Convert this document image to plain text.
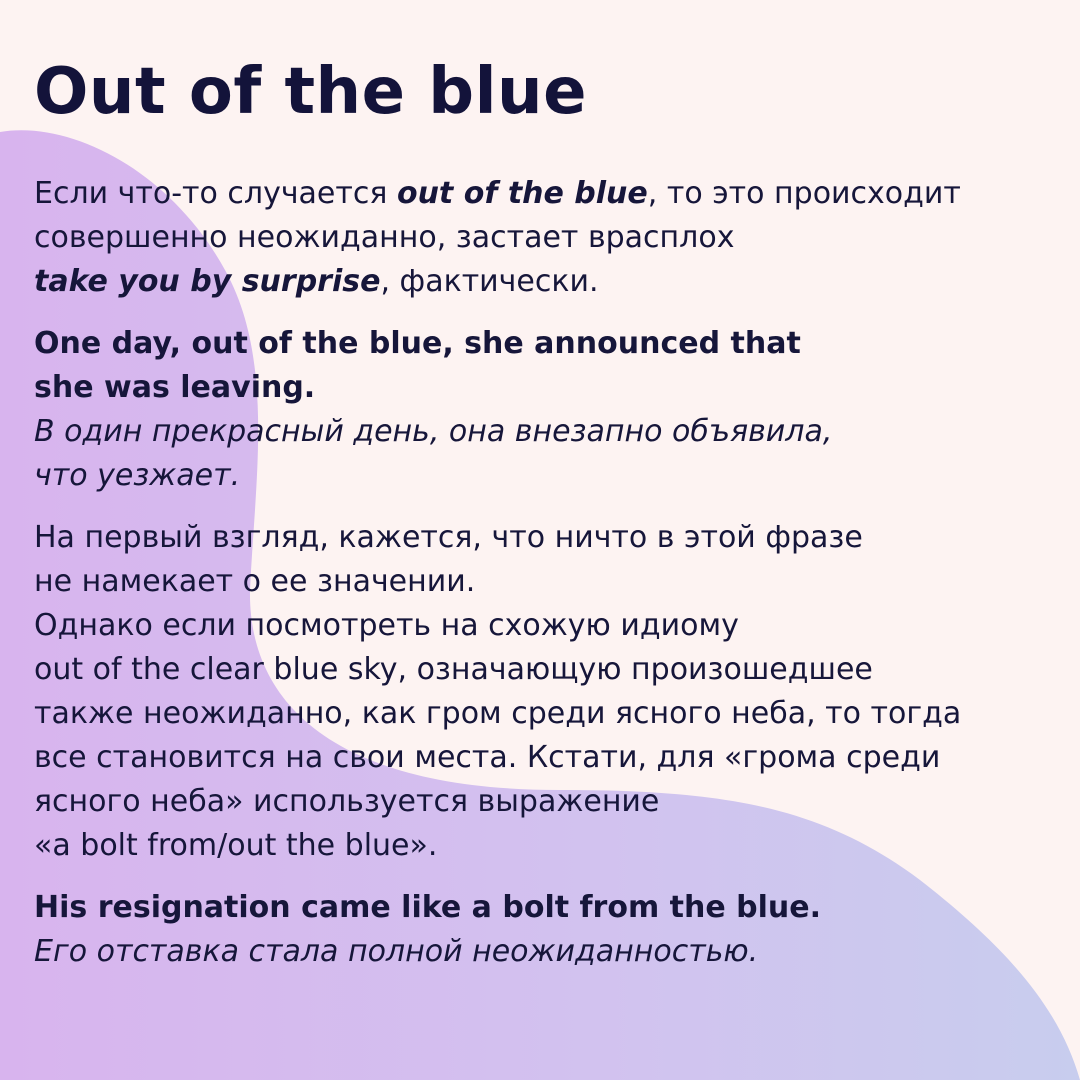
Out of the blue
Если что-то случается out of the blue, то это происходит
совершенно неожиданно, застает врасплох
take you by surprise, фактически.
One day, out of the blue, she announced that
she was leaving.
В один прекрасный день, она внезапно объявила,
что уезжает.
На первый взгляд, кажется, что ничто в этой фразе
не намекает о ее значении.
Однако если посмотреть на схожую идиому
out of the clear blue sky, означающую произошедшее
также неожиданно, как гром среди ясного неба, то тогда
все становится на свои места. Кстати, для «грома среди
ясного неба» используется выражение
«a bolt from/out the blue».
His resignation came like a bolt from the blue.
Его отставка стала полной неожиданностью.
